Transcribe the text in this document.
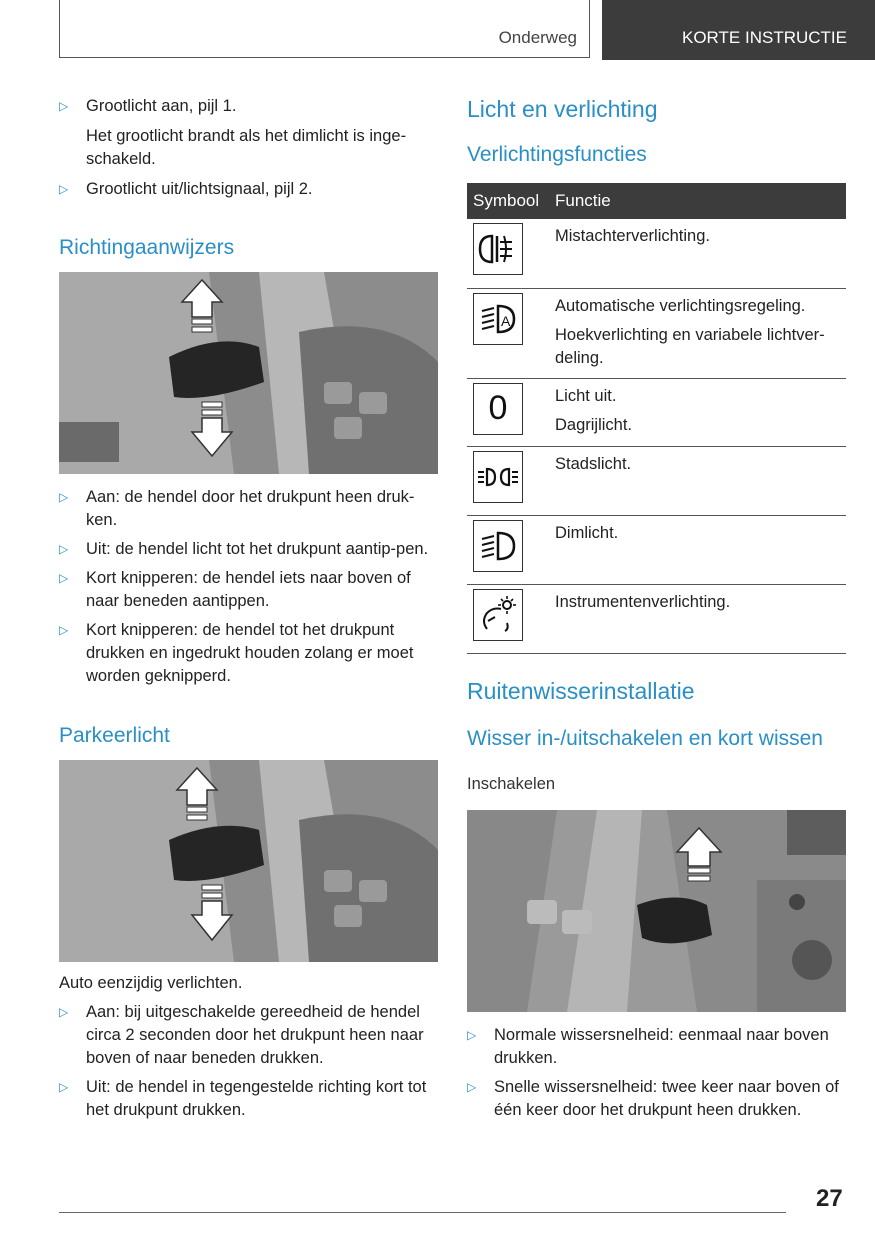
Onderweg	KORTE INSTRUCTIE
▷ Grootlicht aan, pijl 1.

Het grootlicht brandt als het dimlicht is inge-schakeld.

▷ Grootlicht uit/lichtsignaal, pijl 2.
Richtingaanwijzers
▷ Aan: de hendel door het drukpunt heen druk-ken.
▷ Uit: de hendel licht tot het drukpunt aantip-pen.
▷ Kort knipperen: de hendel iets naar boven of naar beneden aantippen.
▷ Kort knipperen: de hendel tot het drukpunt drukken en ingedrukt houden zolang er moet worden geknipperd.
Parkeerlicht

Auto eenzijdig verlichten.

▷ Aan: bij uitgeschakelde gereedheid de hendel circa 2 seconden door het drukpunt heen naar boven of naar beneden drukken.
▷ Uit: de hendel in tegengestelde richting kort tot het drukpunt drukken.
Licht en verlichting
Verlichtingsfuncties
Symbool	Functie

Mistachterverlichting.

A	Automatische verlichtingsregeling.
Hoekverlichting en variabele lichtver-deling.

0	Licht uit.
Dagrijlicht.

Stadslicht.

Dimlicht.

Instrumentenverlichting.
Ruitenwisserinstallatie
Wisser in-/uitschakelen en kort wissen

Inschakelen

▷ Normale wissersnelheid: eenmaal naar boven drukken.
▷ Snelle wissersnelheid: twee keer naar boven of één keer door het drukpunt heen drukken.
27
